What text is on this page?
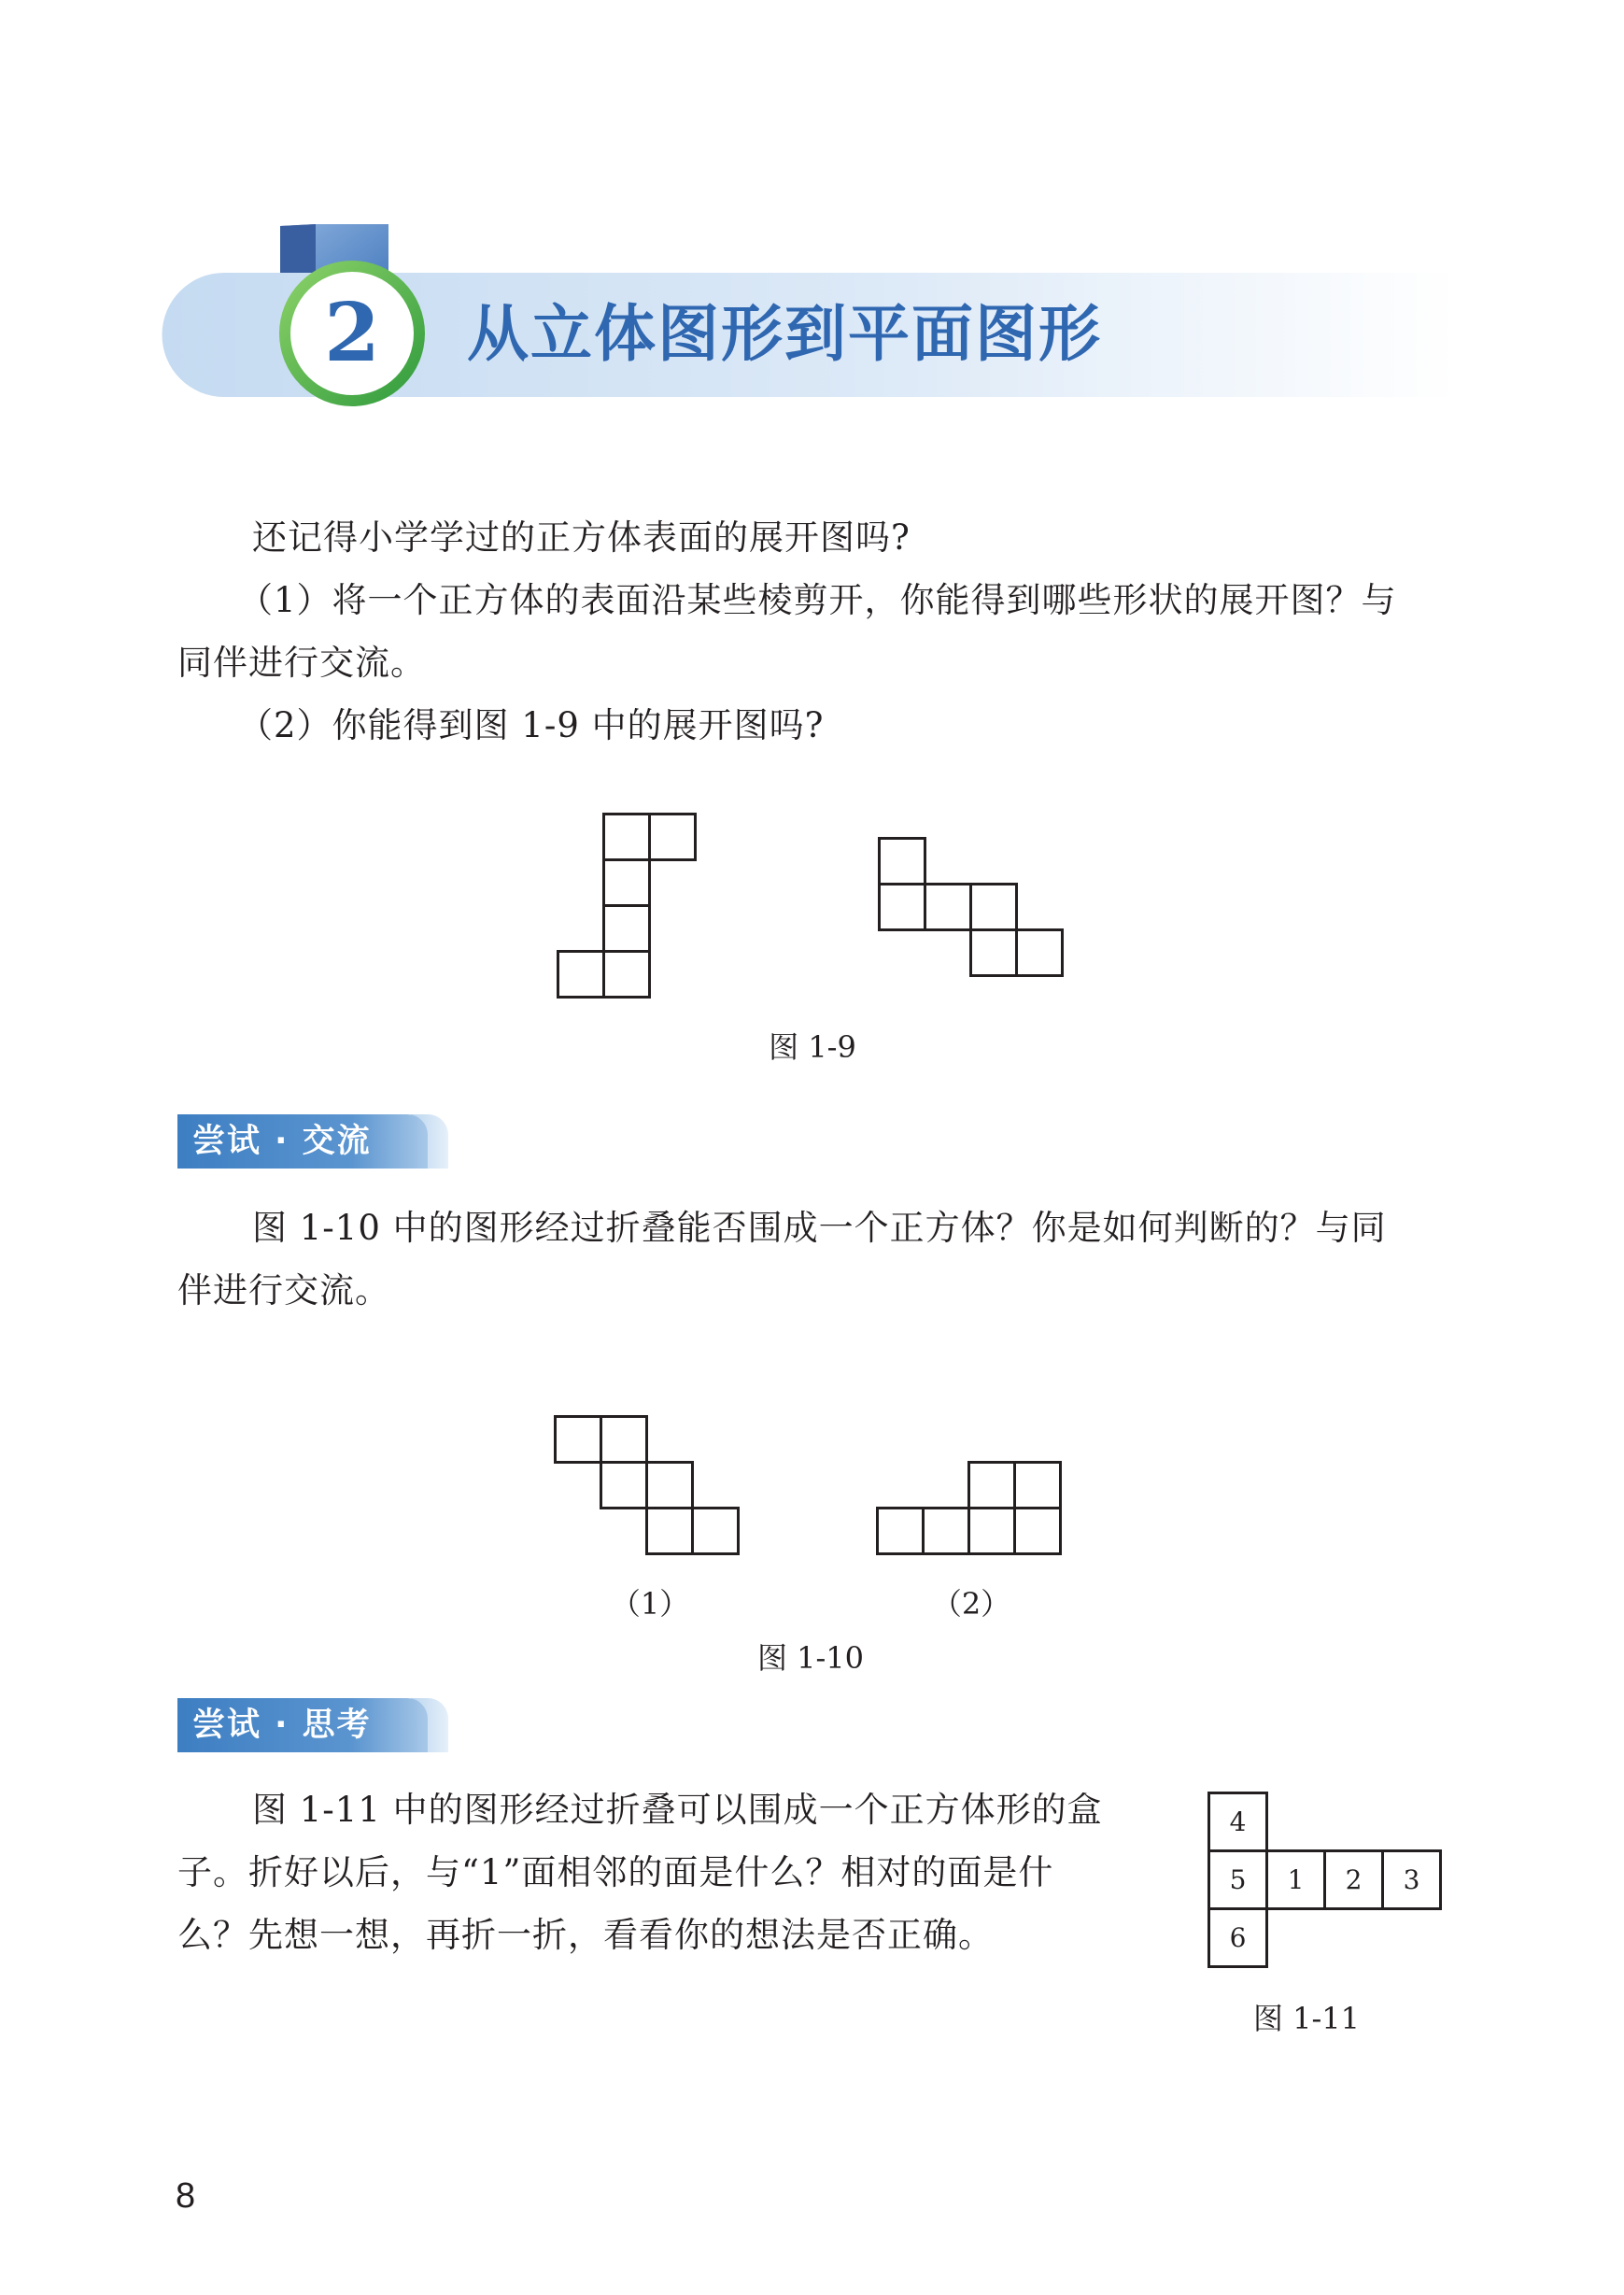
2	从立体图形到平面图形

还记得小学学过的正方体表面的展开图吗?

（1）将一个正方体的表面沿某些棱剪开，你能得到哪些形状的展开图？与

同伴进行交流。

（2）你能得到图 1-9 中的展开图吗?

图 1-9
尝试 · 交流

图 1-10 中的图形经过折叠能否围成一个正方体？你是如何判断的？与同

伴进行交流。

（1）	（2）
图 1-10
尝试 · 思考

图 1-11 中的图形经过折叠可以围成一个正方体形的盒

子。折好以后，与“1”面相邻的面是什么？相对的面是什

么？先想一想，再折一折，看看你的想法是否正确。

4
5	1	2	3
6
图 1-11
8
